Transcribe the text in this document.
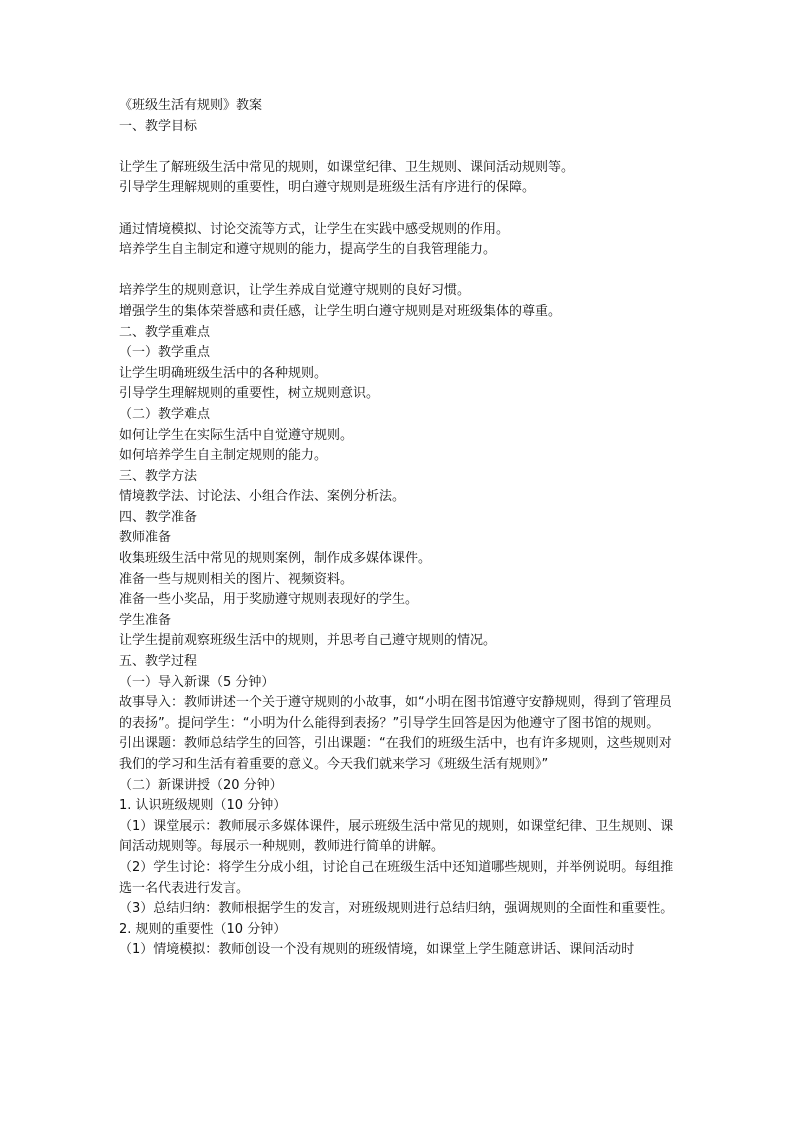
《班级生活有规则》教案
一、教学目标
让学生了解班级生活中常见的规则，如课堂纪律、卫生规则、课间活动规则等。
引导学生理解规则的重要性，明白遵守规则是班级生活有序进行的保障。
通过情境模拟、讨论交流等方式，让学生在实践中感受规则的作用。
培养学生自主制定和遵守规则的能力，提高学生的自我管理能力。
培养学生的规则意识，让学生养成自觉遵守规则的良好习惯。
增强学生的集体荣誉感和责任感，让学生明白遵守规则是对班级集体的尊重。
二、教学重难点
（一）教学重点
让学生明确班级生活中的各种规则。
引导学生理解规则的重要性，树立规则意识。
（二）教学难点
如何让学生在实际生活中自觉遵守规则。
如何培养学生自主制定规则的能力。
三、教学方法
情境教学法、讨论法、小组合作法、案例分析法。
四、教学准备
教师准备
收集班级生活中常见的规则案例，制作成多媒体课件。
准备一些与规则相关的图片、视频资料。
准备一些小奖品，用于奖励遵守规则表现好的学生。
学生准备
让学生提前观察班级生活中的规则，并思考自己遵守规则的情况。
五、教学过程
（一）导入新课（5 分钟）
故事导入：教师讲述一个关于遵守规则的小故事，如“小明在图书馆遵守安静规则，得到了管理员的表扬”。提问学生：“小明为什么能得到表扬？”引导学生回答是因为他遵守了图书馆的规则。
引出课题：教师总结学生的回答，引出课题：“在我们的班级生活中，也有许多规则，这些规则对我们的学习和生活有着重要的意义。今天我们就来学习《班级生活有规则》”
（二）新课讲授（20 分钟）
1. 认识班级规则（10 分钟）
（1）课堂展示：教师展示多媒体课件，展示班级生活中常见的规则，如课堂纪律、卫生规则、课间活动规则等。每展示一种规则，教师进行简单的讲解。
（2）学生讨论：将学生分成小组，讨论自己在班级生活中还知道哪些规则，并举例说明。每组推选一名代表进行发言。
（3）总结归纳：教师根据学生的发言，对班级规则进行总结归纳，强调规则的全面性和重要性。
2. 规则的重要性（10 分钟）
（1）情境模拟：教师创设一个没有规则的班级情境，如课堂上学生随意讲话、课间活动时
